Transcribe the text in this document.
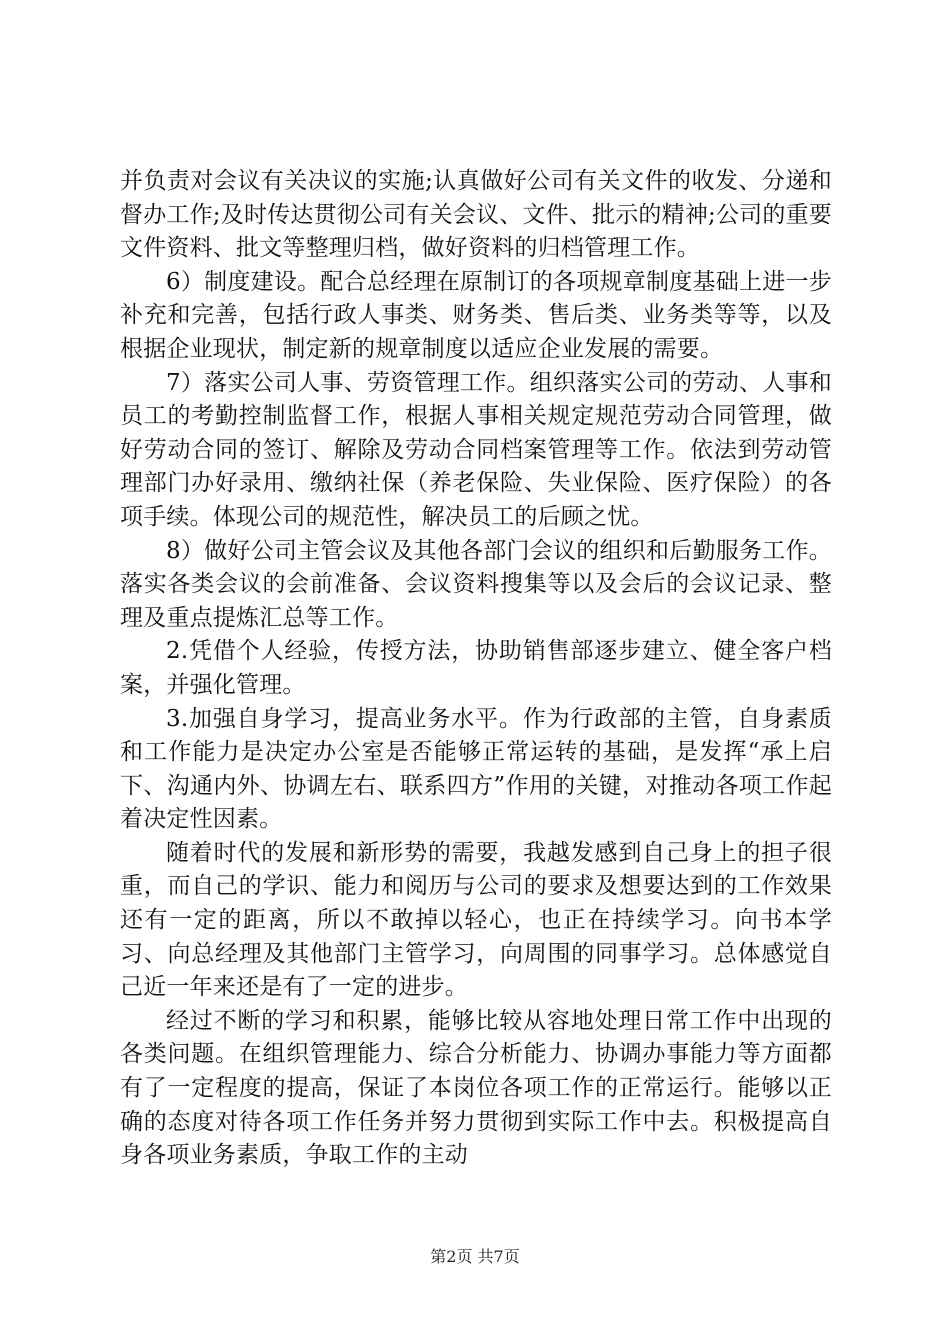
并负责对会议有关决议的实施;认真做好公司有关文件的收发、分递和督办工作;及时传达贯彻公司有关会议、文件、批示的精神;公司的重要文件资料、批文等整理归档，做好资料的归档管理工作。

6）制度建设。配合总经理在原制订的各项规章制度基础上进一步补充和完善，包括行政人事类、财务类、售后类、业务类等等，以及根据企业现状，制定新的规章制度以适应企业发展的需要。

7）落实公司人事、劳资管理工作。组织落实公司的劳动、人事和员工的考勤控制监督工作，根据人事相关规定规范劳动合同管理，做好劳动合同的签订、解除及劳动合同档案管理等工作。依法到劳动管理部门办好录用、缴纳社保（养老保险、失业保险、医疗保险）的各项手续。体现公司的规范性，解决员工的后顾之忧。

8）做好公司主管会议及其他各部门会议的组织和后勤服务工作。落实各类会议的会前准备、会议资料搜集等以及会后的会议记录、整理及重点提炼汇总等工作。

2.凭借个人经验，传授方法，协助销售部逐步建立、健全客户档案，并强化管理。

3.加强自身学习，提高业务水平。作为行政部的主管，自身素质和工作能力是决定办公室是否能够正常运转的基础，是发挥“承上启下、沟通内外、协调左右、联系四方”作用的关键，对推动各项工作起着决定性因素。

随着时代的发展和新形势的需要，我越发感到自己身上的担子很重，而自己的学识、能力和阅历与公司的要求及想要达到的工作效果还有一定的距离，所以不敢掉以轻心，也正在持续学习。向书本学习、向总经理及其他部门主管学习，向周围的同事学习。总体感觉自己近一年来还是有了一定的进步。

经过不断的学习和积累，能够比较从容地处理日常工作中出现的各类问题。在组织管理能力、综合分析能力、协调办事能力等方面都有了一定程度的提高，保证了本岗位各项工作的正常运行。能够以正确的态度对待各项工作任务并努力贯彻到实际工作中去。积极提高自身各项业务素质，争取工作的主动

第2页 共7页
